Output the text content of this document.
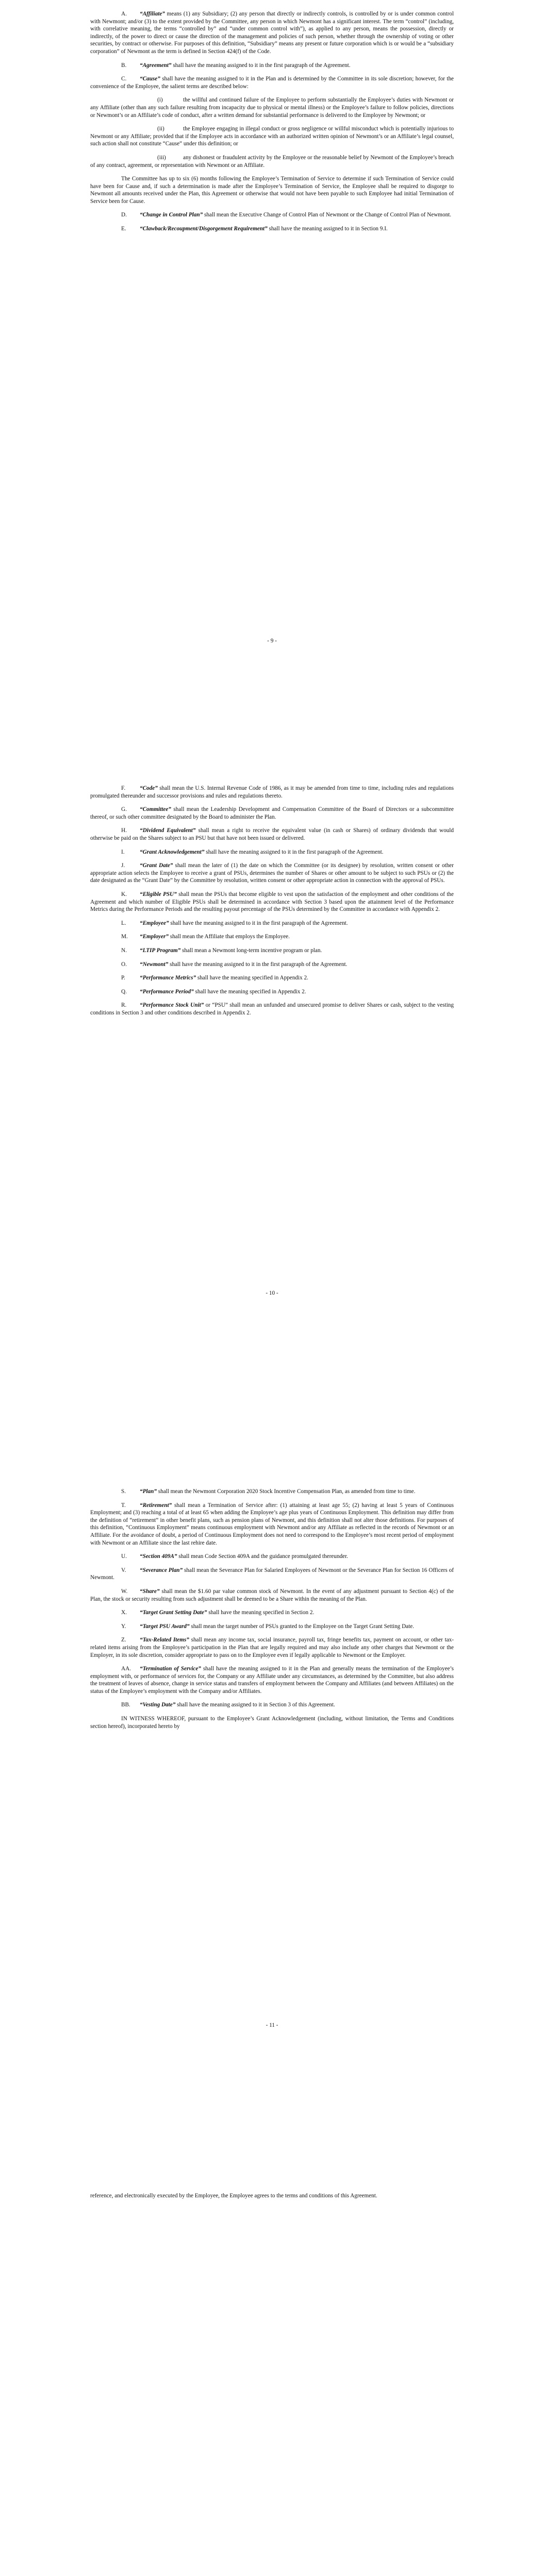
A. “Affiliate” means (1) any Subsidiary; (2) any person that directly or indirectly controls, is controlled by or is under common control with Newmont; and/or (3) to the extent provided by the Committee, any person in which Newmont has a significant interest. The term “control” (including, with correlative meaning, the terms “controlled by” and “under common control with”), as applied to any person, means the possession, directly or indirectly, of the power to direct or cause the direction of the management and policies of such person, whether through the ownership of voting or other securities, by contract or otherwise. For purposes of this definition, “Subsidiary” means any present or future corporation which is or would be a “subsidiary corporation” of Newmont as the term is defined in Section 424(f) of the Code.

B. “Agreement” shall have the meaning assigned to it in the first paragraph of the Agreement.

C. “Cause” shall have the meaning assigned to it in the Plan and is determined by the Committee in its sole discretion; however, for the convenience of the Employee, the salient terms are described below:

(i)	the willful and continued failure of the Employee to perform substantially the Employee’s duties with Newmont or any Affiliate (other than any such failure resulting from incapacity due to physical or mental illness) or the Employee’s failure to follow policies, directions or Newmont’s or an Affiliate’s code of conduct, after a written demand for substantial performance is delivered to the Employee by Newmont; or

(ii)	the Employee engaging in illegal conduct or gross negligence or willful misconduct which is potentially injurious to Newmont or any Affiliate; provided that if the Employee acts in accordance with an authorized written opinion of Newmont’s or an Affiliate’s legal counsel, such action shall not constitute “Cause” under this definition; or

(iii)	any dishonest or fraudulent activity by the Employee or the reasonable belief by Newmont of the Employee’s breach of any contract, agreement, or representation with Newmont or an Affiliate.

The Committee has up to six (6) months following the Employee’s Termination of Service to determine if such Termination of Service could have been for Cause and, if such a determination is made after the Employee’s Termination of Service, the Employee shall be required to disgorge to Newmont all amounts received under the Plan, this Agreement or otherwise that would not have been payable to such Employee had initial Termination of Service been for Cause.

D. “Change in Control Plan” shall mean the Executive Change of Control Plan of Newmont or the Change of Control Plan of Newmont.

E. “Clawback/Recoupment/Disgorgement Requirement” shall have the meaning assigned to it in Section 9.I.

- 9 -

F. “Code” shall mean the U.S. Internal Revenue Code of 1986, as it may be amended from time to time, including rules and regulations promulgated thereunder and successor provisions and rules and regulations thereto.

G. “Committee” shall mean the Leadership Development and Compensation Committee of the Board of Directors or a subcommittee thereof, or such other committee designated by the Board to administer the Plan.

H. “Dividend Equivalent” shall mean a right to receive the equivalent value (in cash or Shares) of ordinary dividends that would otherwise be paid on the Shares subject to an PSU but that have not been issued or delivered.

I.	“Grant Acknowledgement” shall have the meaning assigned to it in the first paragraph of the Agreement.

J.	“Grant Date” shall mean the later of (1) the date on which the Committee (or its designee) by resolution, written consent or other appropriate action selects the Employee to receive a grant of PSUs, determines the number of Shares or other amount to be subject to such PSUs or (2) the date designated as the “Grant Date” by the Committee by resolution, written consent or other appropriate action in connection with the approval of PSUs.

K. “Eligible PSU” shall mean the PSUs that become eligible to vest upon the satisfaction of the employment and other conditions of the Agreement and which number of Eligible PSUs shall be determined in accordance with Section 3 based upon the attainment level of the Performance Metrics during the Performance Periods and the resulting payout percentage of the PSUs determined by the Committee in accordance with Appendix 2.

L. “Employee” shall have the meaning assigned to it in the first paragraph of the Agreement.

M. “Employer” shall mean the Affiliate that employs the Employee.

N. “LTIP Program” shall mean a Newmont long-term incentive program or plan.

O. “Newmont” shall have the meaning assigned to it in the first paragraph of the Agreement.

P.	“Performance Metrics” shall have the meaning specified in Appendix 2.

Q. “Performance Period” shall have the meaning specified in Appendix 2.

R. “Performance Stock Unit” or “PSU” shall mean an unfunded and unsecured promise to deliver Shares or cash, subject to the vesting conditions in Section 3 and other conditions described in Appendix 2.

- 10 -

S. “Plan” shall mean the Newmont Corporation 2020 Stock Incentive Compensation Plan, as amended from time to time.

T. “Retirement” shall mean a Termination of Service after: (1) attaining at least age 55; (2) having at least 5 years of Continuous Employment; and (3) reaching a total of at least 65 when adding the Employee’s age plus years of Continuous Employment. This definition may differ from the definition of “retirement” in other benefit plans, such as pension plans of Newmont, and this definition shall not alter those definitions. For purposes of this definition, “Continuous Employment” means continuous employment with Newmont and/or any Affiliate as reflected in the records of Newmont or an Affiliate. For the avoidance of doubt, a period of Continuous Employment does not need to correspond to the Employee’s most recent period of employment with Newmont or an Affiliate since the last rehire date.

U. “Section 409A” shall mean Code Section 409A and the guidance promulgated thereunder.

V. “Severance Plan” shall mean the Severance Plan for Salaried Employees of Newmont or the Severance Plan for Section 16 Officers of Newmont.

W. “Share” shall mean the $1.60 par value common stock of Newmont. In the event of any adjustment pursuant to Section 4(c) of the Plan, the stock or security resulting from such adjustment shall be deemed to be a Share within the meaning of the Plan.

X. “Target Grant Setting Date” shall have the meaning specified in Section 2.

Y. “Target PSU Award” shall mean the target number of PSUs granted to the Employee on the Target Grant Setting Date.

Z. “Tax-Related Items” shall mean any income tax, social insurance, payroll tax, fringe benefits tax, payment on account, or other tax-related items arising from the Employee’s participation in the Plan that are legally required and may also include any other charges that Newmont or the Employer, in its sole discretion, consider appropriate to pass on to the Employee even if legally applicable to Newmont or the Employer.

AA. “Termination of Service” shall have the meaning assigned to it in the Plan and generally means the termination of the Employee’s employment with, or performance of services for, the Company or any Affiliate under any circumstances, as determined by the Committee, but also address the treatment of leaves of absence, change in service status and transfers of employment between the Company and Affiliates (and between Affiliates) on the status of the Employee’s employment with the Company and/or Affiliates.

BB. “Vesting Date” shall have the meaning assigned to it in Section 3 of this Agreement.

IN WITNESS WHEREOF, pursuant to the Employee’s Grant Acknowledgement (including, without limitation, the Terms and Conditions section hereof), incorporated hereto by

- 11 -

reference, and electronically executed by the Employee, the Employee agrees to the terms and conditions of this Agreement.
